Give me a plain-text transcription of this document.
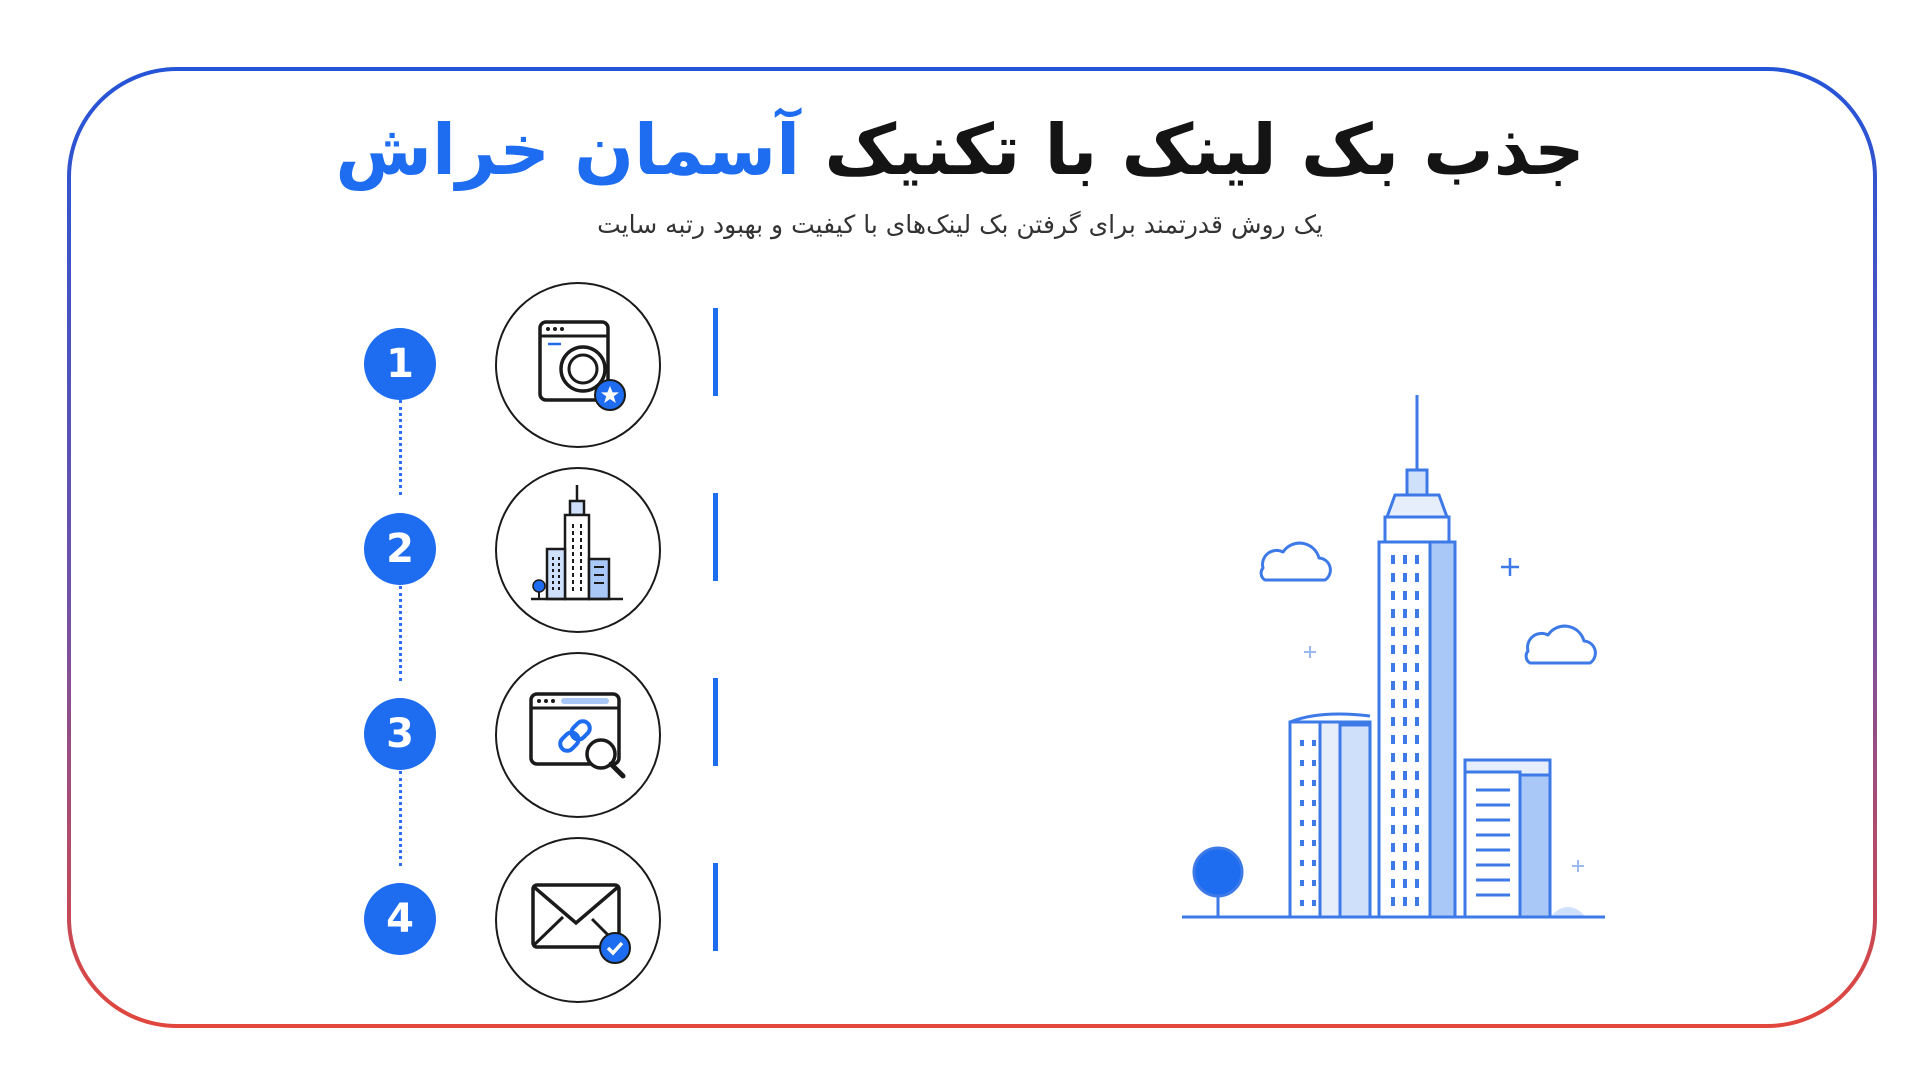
جذب بک لینک با تکنیک آسمان خراش
یک روش قدرتمند برای گرفتن بک لینک‌های با کیفیت و بهبود رتبه سایت
1
2
3
4
